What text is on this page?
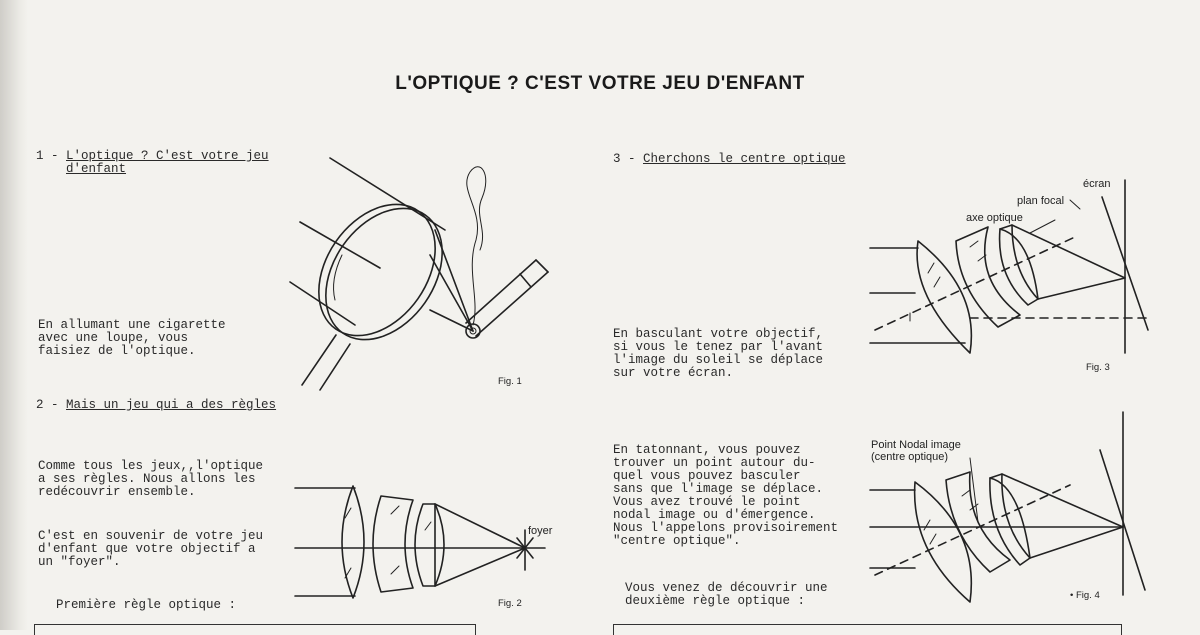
L'OPTIQUE ? C'EST VOTRE JEU D'ENFANT
1 - L'optique ? C'est votre jeu
d'enfant
En allumant une cigarette
avec une loupe, vous
faisiez de l'optique.
Fig. 1
2 - Mais un jeu qui a des règles
Comme tous les jeux,,l'optique
a ses règles. Nous allons les
redécouvrir ensemble.
C'est en souvenir de votre jeu
d'enfant que votre objectif a
un "foyer".
Première règle optique :
foyer
Fig. 2
3 - Cherchons le centre optique
En basculant votre objectif,
si vous le tenez par l'avant
l'image du soleil se déplace
sur votre écran.
En tatonnant, vous pouvez
trouver un point autour du-
quel vous pouvez basculer
sans que l'image se déplace.
Vous avez trouvé le point
nodal image ou d'émergence.
Nous l'appelons provisoirement
"centre optique".
Vous venez de découvrir une
deuxième règle optique :
écran
plan focal
axe optique
Fig. 3
Point Nodal image
(centre optique)
• Fig. 4
